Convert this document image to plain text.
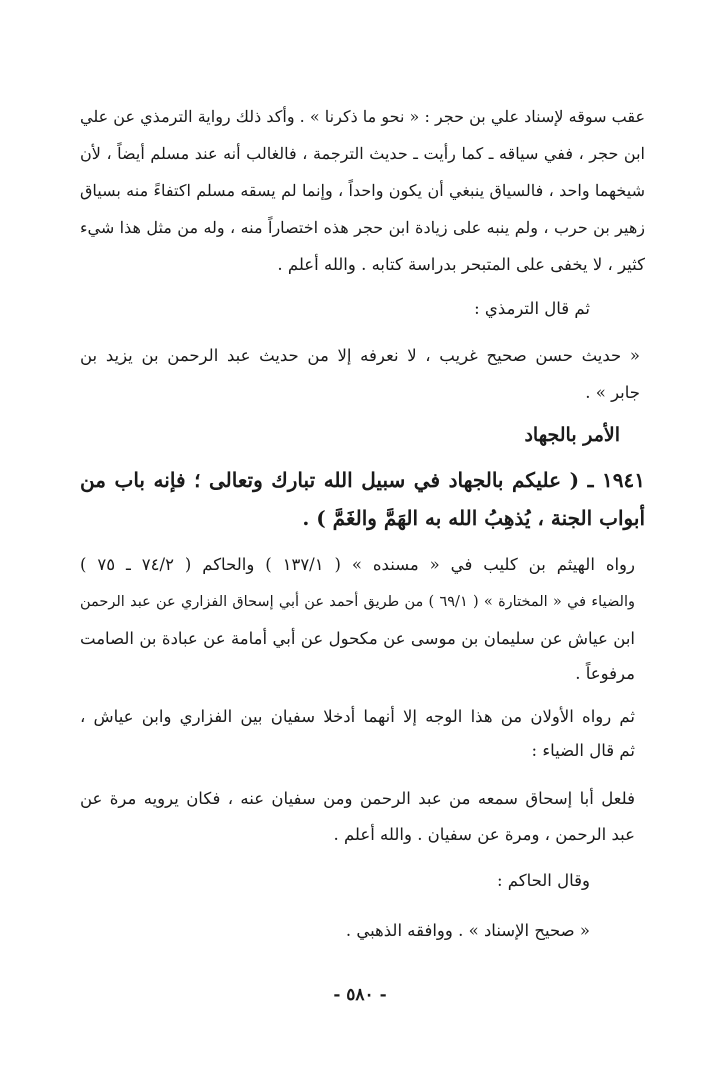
عقب سوقه لإسناد علي بن حجر : « نحو ما ذكرنا » . وأكد ذلك رواية الترمذي عن علي
ابن حجر ، ففي سياقه ـ كما رأيت ـ حديث الترجمة ، فالغالب أنه عند مسلم أيضاً ، لأن
شيخهما واحد ، فالسياق ينبغي أن يكون واحداً ، وإنما لم يسقه مسلم اكتفاءً منه بسياق
زهير بن حرب ، ولم ينبه على زيادة ابن حجر هذه اختصاراً منه ، وله من مثل هذا شيء
كثير ، لا يخفى على المتبحر بدراسة كتابه . والله أعلم .
ثم قال الترمذي :
« حديث حسن صحيح غريب ، لا نعرفه إلا من حديث عبد الرحمن بن يزيد بن
جابر » .
الأمر بالجهاد
١٩٤١ ـ ( عليكم بالجهاد في سبيل الله تبارك وتعالى ؛ فإنه باب من
أبواب الجنة ، يُذهِبُ الله به الهَمَّ والغَمَّ ) .
رواه الهيثم بن كليب في « مسنده » ( ١٣٧/١ ) والحاكم ( ٧٤/٢ ـ ٧٥ )
والضياء في « المختارة » ( ٦٩/١ ) من طريق أحمد عن أبي إسحاق الفزاري عن عبد الرحمن
ابن عياش عن سليمان بن موسى عن مكحول عن أبي أمامة عن عبادة بن الصامت
مرفوعاً .
ثم رواه الأولان من هذا الوجه إلا أنهما أدخلا سفيان بين الفزاري وابن عياش ،
ثم قال الضياء :
فلعل أبا إسحاق سمعه من عبد الرحمن ومن سفيان عنه ، فكان يرويه مرة عن
عبد الرحمن ، ومرة عن سفيان . والله أعلم .
وقال الحاكم :
« صحيح الإسناد » . ووافقه الذهبي .
- ٥٨٠ -
